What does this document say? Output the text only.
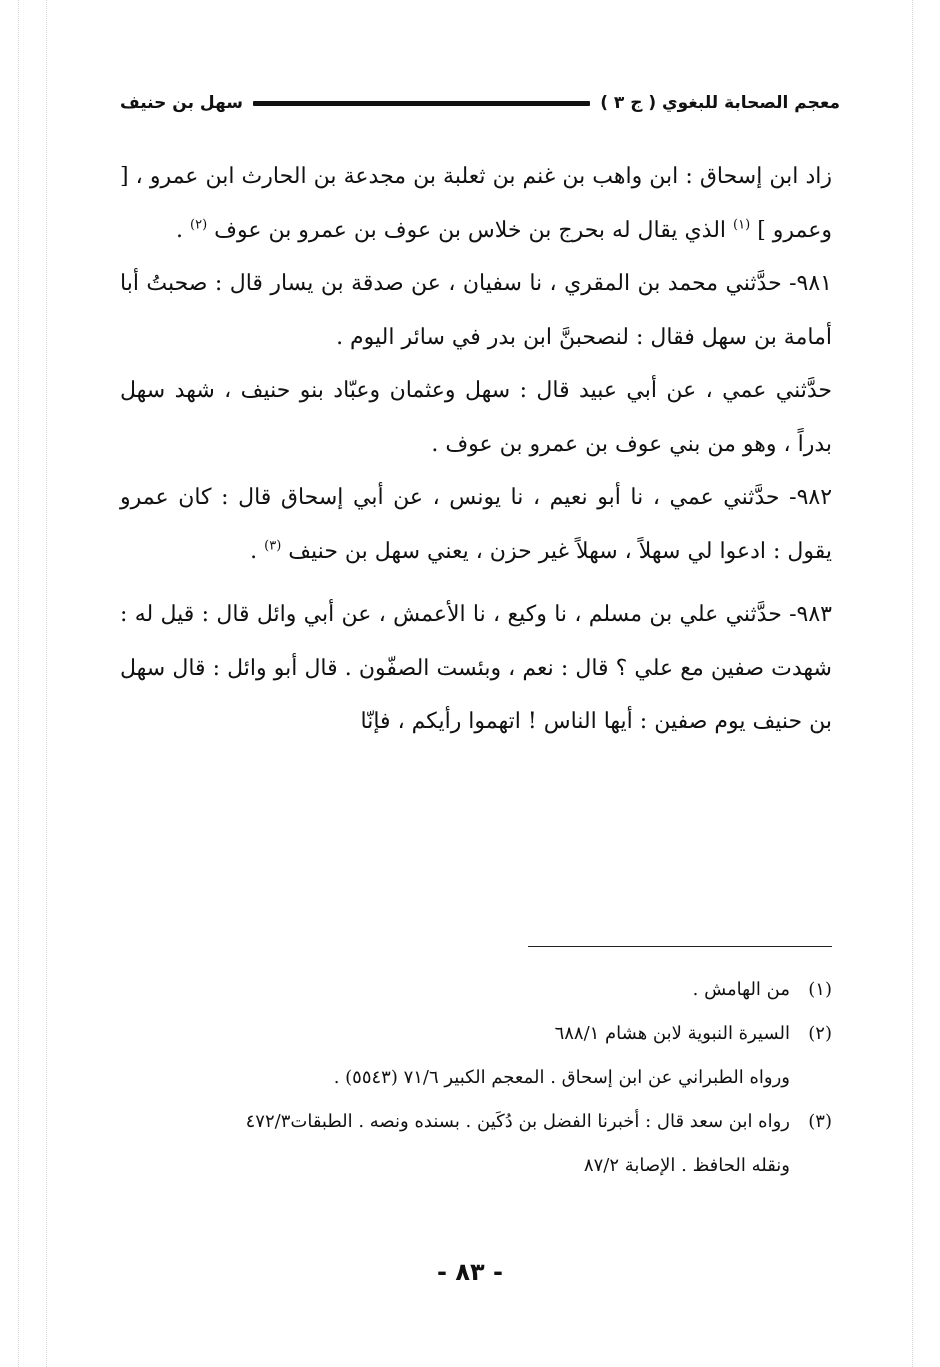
معجم الصحابة للبغوي ( ج ٣ )
سهل بن حنيف

زاد ابن إسحاق : ابن واهب بن غنم بن ثعلبة بن مجدعة بن الحارث ابن عمرو ، [ وعمرو ] $^{(١)}$ الذي يقال له بحرج بن خلاس بن عوف بن عمرو بن عوف $^{(٢)}$ .

٩٨١- حدَّثني محمد بن المقري ، نا سفيان ، عن صدقة بن يسار قال : صحبتُ أبا أمامة بن سهل فقال : لنصحبنَّ ابن بدر في سائر اليوم .

حدَّثني عمي ، عن أبي عبيد قال : سهل وعثمان وعبّاد بنو حنيف ، شهد سهل بدراً ، وهو من بني عوف بن عمرو بن عوف .

٩٨٢- حدَّثني عمي ، نا أبو نعيم ، نا يونس ، عن أبي إسحاق قال : كان عمرو يقول : ادعوا لي سهلاً ، سهلاً غير حزن ، يعني سهل بن حنيف $^{(٣)}$ .

٩٨٣- حدَّثني علي بن مسلم ، نا وكيع ، نا الأعمش ، عن أبي وائل قال : قيل له : شهدت صفين مع علي ؟ قال : نعم ، وبئست الصفّون . قال أبو وائل : قال سهل بن حنيف يوم صفين : أيها الناس ! اتهموا رأيكم ، فإنّا

(١)
من الهامش .
(٢)
السيرة النبوية لابن هشام ٦٨٨/١
ورواه الطبراني عن ابن إسحاق . المعجم الكبير ٧١/٦ (٥٥٤٣) .
(٣)
رواه ابن سعد قال : أخبرنا الفضل بن دُكَين . بسنده ونصه . الطبقات٤٧٢/٣
ونقله الحافظ . الإصابة ٨٧/٢
- ٨٣ -
